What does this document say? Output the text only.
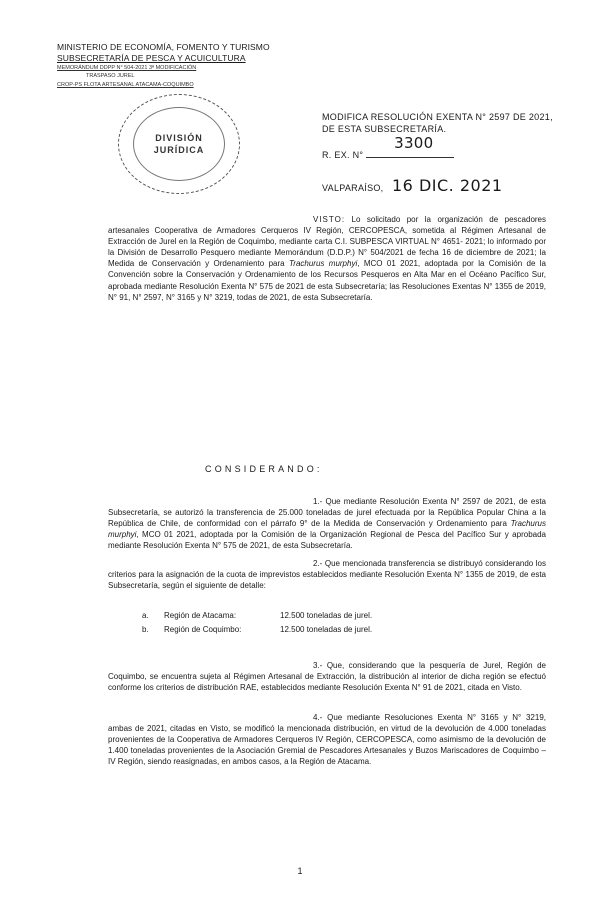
MINISTERIO DE ECONOMÍA, FOMENTO Y TURISMO
SUBSECRETARÍA DE PESCA Y ACUICULTURA
MEMORÁNDUM DDPP N° 504-2021 3ª MODIFICACIÓN
TRASPASO JUREL
CROP-PS FLOTA ARTESANAL ATACAMA-COQUIMBO
DIVISIÓN
JURÍDICA
MODIFICA RESOLUCIÓN EXENTA N° 2597 DE 2021,
DE ESTA SUBSECRETARÍA.
R. EX. N°
3300
VALPARAÍSO, 16 DIC. 2021

VISTO: Lo solicitado por la organización de pescadores artesanales Cooperativa de Armadores Cerqueros IV Región, CERCOPESCA, sometida al Régimen Artesanal de Extracción de Jurel en la Región de Coquimbo, mediante carta C.I. SUBPESCA VIRTUAL N° 4651- 2021; lo informado por la División de Desarrollo Pesquero mediante Memorándum (D.D.P.) N° 504/2021 de fecha 16 de diciembre de 2021; la Medida de Conservación y Ordenamiento para Trachurus murphyi, MCO 01 2021, adoptada por la Comisión de la Convención sobre la Conservación y Ordenamiento de los Recursos Pesqueros en Alta Mar en el Océano Pacífico Sur, aprobada mediante Resolución Exenta N° 575 de 2021 de esta Subsecretaría; las Resoluciones Exentas N° 1355 de 2019, N° 91, N° 2597, N° 3165 y N° 3219, todas de 2021, de esta Subsecretaría.

CONSIDERANDO:

1.- Que mediante Resolución Exenta N° 2597 de 2021, de esta Subsecretaría, se autorizó la transferencia de 25.000 toneladas de jurel efectuada por la República Popular China a la República de Chile, de conformidad con el párrafo 9° de la Medida de Conservación y Ordenamiento para Trachurus murphyi, MCO 01 2021, adoptada por la Comisión de la Organización Regional de Pesca del Pacífico Sur y aprobada mediante Resolución Exenta N° 575 de 2021, de esta Subsecretaría.

2.- Que mencionada transferencia se distribuyó considerando los criterios para la asignación de la cuota de imprevistos establecidos mediante Resolución Exenta N° 1355 de 2019, de esta Subsecretaría, según el siguiente de detalle:

a. Región de Atacama:	12.500 toneladas de jurel.
b. Región de Coquimbo:	12.500 toneladas de jurel.

3.- Que, considerando que la pesquería de Jurel, Región de Coquimbo, se encuentra sujeta al Régimen Artesanal de Extracción, la distribución al interior de dicha región se efectuó conforme los criterios de distribución RAE, establecidos mediante Resolución Exenta N° 91 de 2021, citada en Visto.

4.- Que mediante Resoluciones Exenta N° 3165 y N° 3219, ambas de 2021, citadas en Visto, se modificó la mencionada distribución, en virtud de la devolución de 4.000 toneladas provenientes de la Cooperativa de Armadores Cerqueros IV Región, CERCOPESCA, como asimismo de la devolución de 1.400 toneladas provenientes de la Asociación Gremial de Pescadores Artesanales y Buzos Mariscadores de Coquimbo – IV Región, siendo reasignadas, en ambos casos, a la Región de Atacama.

1
